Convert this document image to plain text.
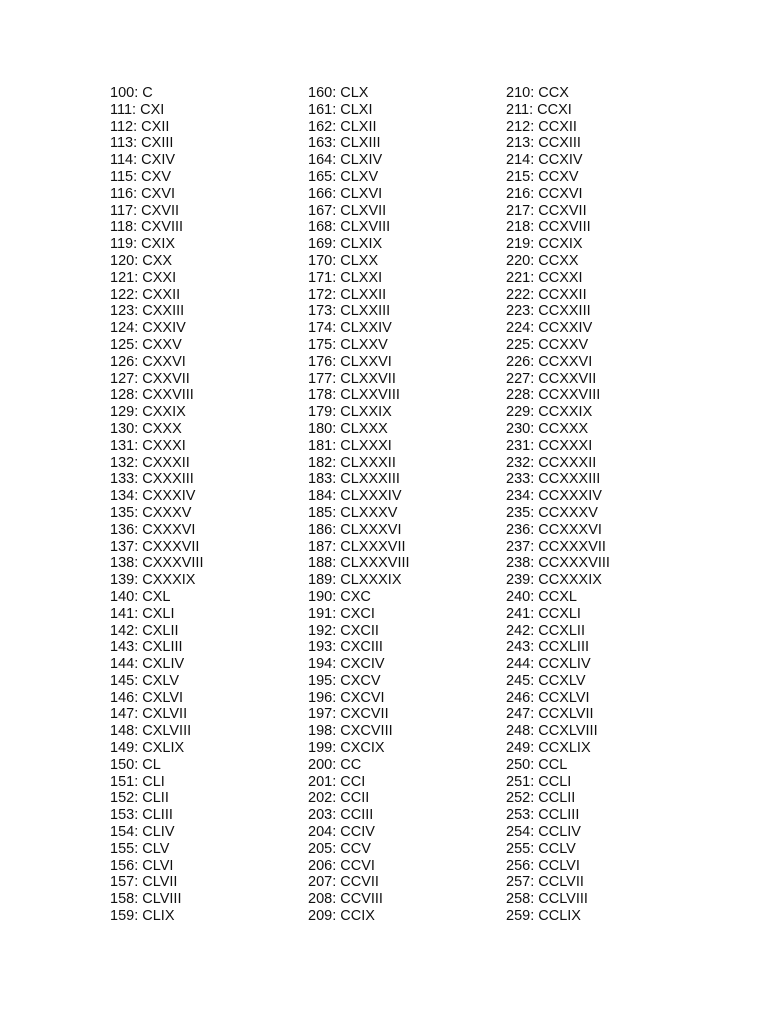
100: C
111: CXI
112: CXII
113: CXIII
114: CXIV
115: CXV
116: CXVI
117: CXVII
118: CXVIII
119: CXIX
120: CXX
121: CXXI
122: CXXII
123: CXXIII
124: CXXIV
125: CXXV
126: CXXVI
127: CXXVII
128: CXXVIII
129: CXXIX
130: CXXX
131: CXXXI
132: CXXXII
133: CXXXIII
134: CXXXIV
135: CXXXV
136: CXXXVI
137: CXXXVII
138: CXXXVIII
139: CXXXIX
140: CXL
141: CXLI
142: CXLII
143: CXLIII
144: CXLIV
145: CXLV
146: CXLVI
147: CXLVII
148: CXLVIII
149: CXLIX
150: CL
151: CLI
152: CLII
153: CLIII
154: CLIV
155: CLV
156: CLVI
157: CLVII
158: CLVIII
159: CLIX
160: CLX
161: CLXI
162: CLXII
163: CLXIII
164: CLXIV
165: CLXV
166: CLXVI
167: CLXVII
168: CLXVIII
169: CLXIX
170: CLXX
171: CLXXI
172: CLXXII
173: CLXXIII
174: CLXXIV
175: CLXXV
176: CLXXVI
177: CLXXVII
178: CLXXVIII
179: CLXXIX
180: CLXXX
181: CLXXXI
182: CLXXXII
183: CLXXXIII
184: CLXXXIV
185: CLXXXV
186: CLXXXVI
187: CLXXXVII
188: CLXXXVIII
189: CLXXXIX
190: CXC
191: CXCI
192: CXCII
193: CXCIII
194: CXCIV
195: CXCV
196: CXCVI
197: CXCVII
198: CXCVIII
199: CXCIX
200: CC
201: CCI
202: CCII
203: CCIII
204: CCIV
205: CCV
206: CCVI
207: CCVII
208: CCVIII
209: CCIX
210: CCX
211: CCXI
212: CCXII
213: CCXIII
214: CCXIV
215: CCXV
216: CCXVI
217: CCXVII
218: CCXVIII
219: CCXIX
220: CCXX
221: CCXXI
222: CCXXII
223: CCXXIII
224: CCXXIV
225: CCXXV
226: CCXXVI
227: CCXXVII
228: CCXXVIII
229: CCXXIX
230: CCXXX
231: CCXXXI
232: CCXXXII
233: CCXXXIII
234: CCXXXIV
235: CCXXXV
236: CCXXXVI
237: CCXXXVII
238: CCXXXVIII
239: CCXXXIX
240: CCXL
241: CCXLI
242: CCXLII
243: CCXLIII
244: CCXLIV
245: CCXLV
246: CCXLVI
247: CCXLVII
248: CCXLVIII
249: CCXLIX
250: CCL
251: CCLI
252: CCLII
253: CCLIII
254: CCLIV
255: CCLV
256: CCLVI
257: CCLVII
258: CCLVIII
259: CCLIX
